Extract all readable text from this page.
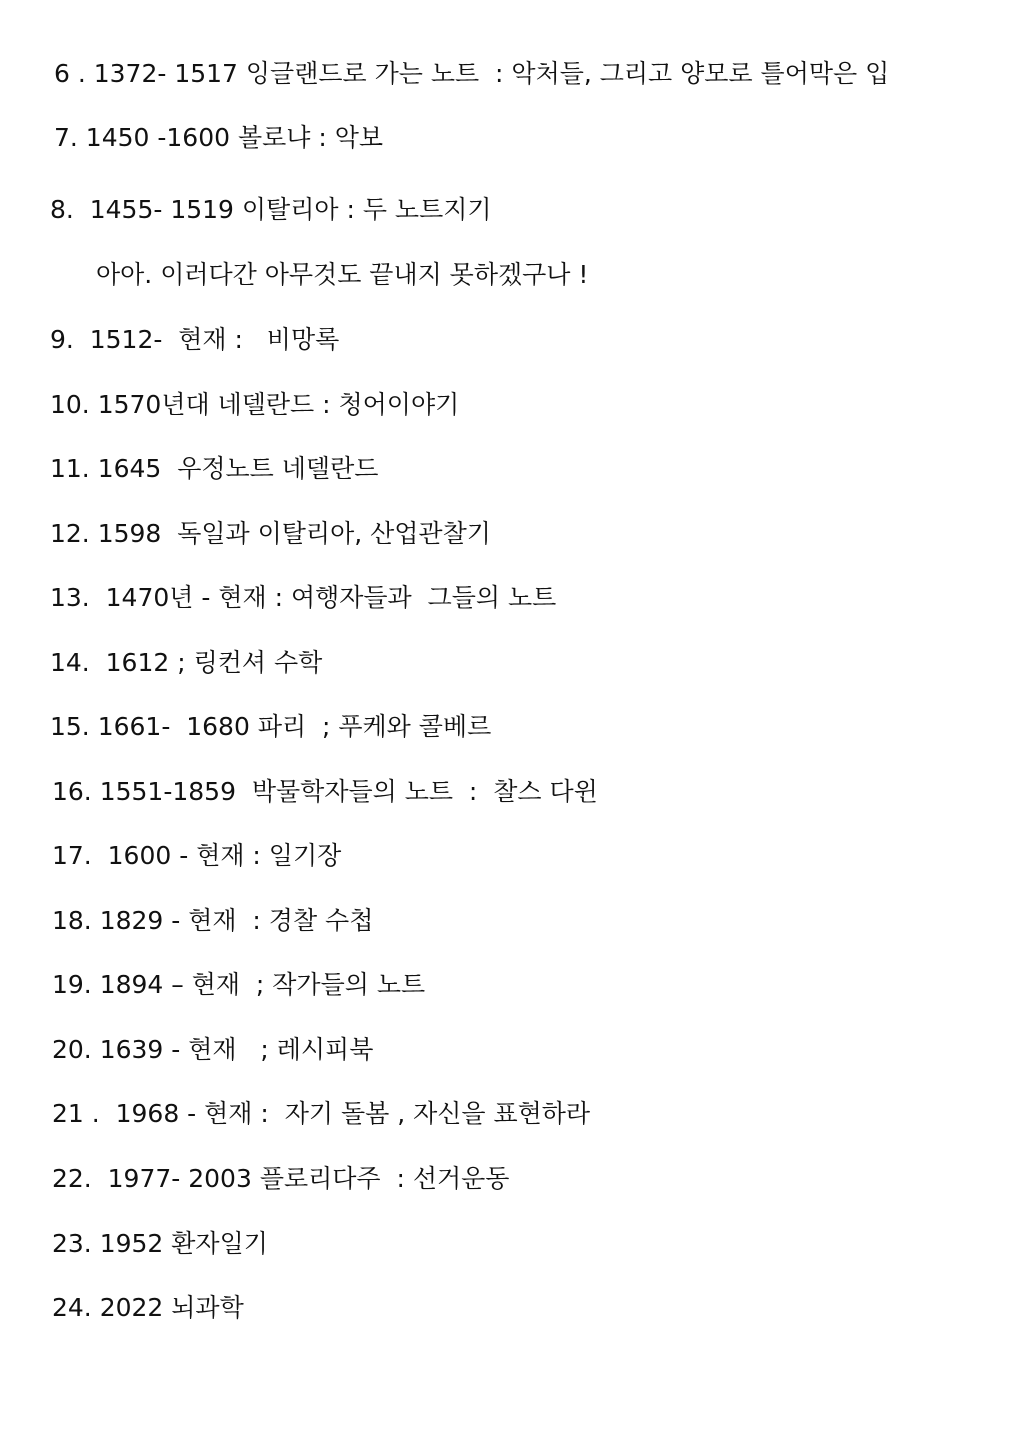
6 . 1372- 1517 잉글랜드로 가는 노트  : 악처들, 그리고 양모로 틀어막은 입
7. 1450 -1600 볼로냐 : 악보
8.  1455- 1519 이탈리아 : 두 노트지기
아아. 이러다간 아무것도 끝내지 못하겠구나 !
9.  1512-  현재 :   비망록
10. 1570년대 네델란드 : 청어이야기
11. 1645  우정노트 네델란드
12. 1598  독일과 이탈리아, 산업관찰기
13.  1470년 - 현재 : 여행자들과  그들의 노트
14.  1612 ; 링컨셔 수학
15. 1661-  1680 파리  ; 푸케와 콜베르
16. 1551-1859  박물학자들의 노트  :  찰스 다윈
17.  1600 - 현재 : 일기장
18. 1829 - 현재  : 경찰 수첩
19. 1894 – 현재  ; 작가들의 노트
20. 1639 - 현재   ; 레시피북
21 .  1968 - 현재 :  자기 돌봄 , 자신을 표현하라
22.  1977- 2003 플로리다주  : 선거운동
23. 1952 환자일기
24. 2022 뇌과학
